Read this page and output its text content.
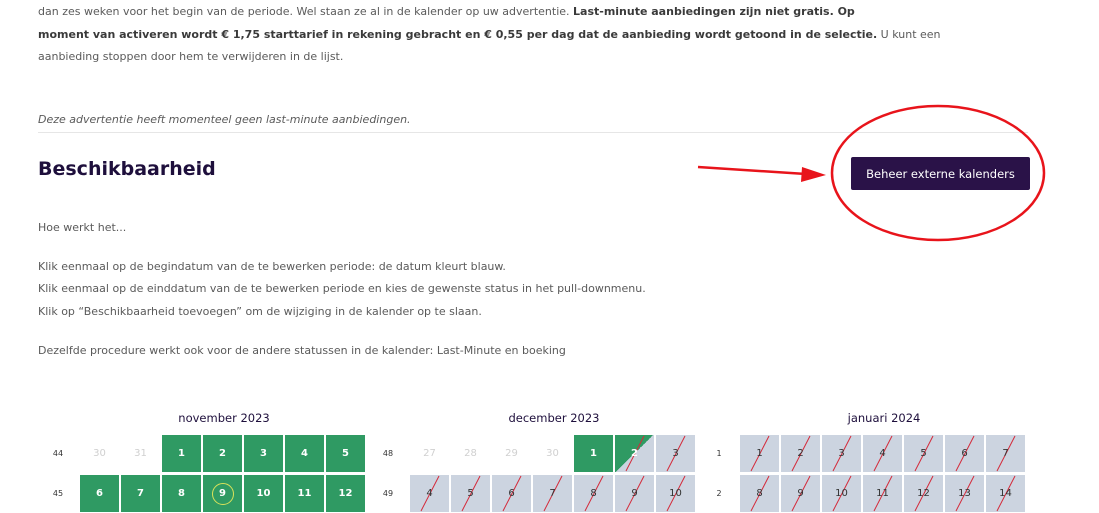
dan zes weken voor het begin van de periode. Wel staan ze al in de kalender op uw advertentie. Last-minute aanbiedingen zijn niet gratis. Op
moment van activeren wordt € 1,75 starttarief in rekening gebracht en € 0,55 per dag dat de aanbieding wordt getoond in de selectie. U kunt een
aanbieding stoppen door hem te verwijderen in de lijst.
Deze advertentie heeft momenteel geen last-minute aanbiedingen.
Beschikbaarheid	Beheer externe kalenders
Hoe werkt het...
Klik eenmaal op de begindatum van de te bewerken periode: de datum kleurt blauw.
Klik eenmaal op de einddatum van de te bewerken periode en kies de gewenste status in het pull-downmenu.
Klik op “Beschikbaarheid toevoegen” om de wijziging in de kalender op te slaan.
Dezelfde procedure werkt ook voor de andere statussen in de kalender: Last-Minute en boeking
november 2023
44	30	31	1	2	3	4	5
45	6	7	8	9	10	11	12
december 2023
48	27	28	29	30	1	2	3
49	4	5	6	7	8	9	10
januari 2024
1	1	2	3	4	5	6	7
2	8	9	10	11	12	13	14
